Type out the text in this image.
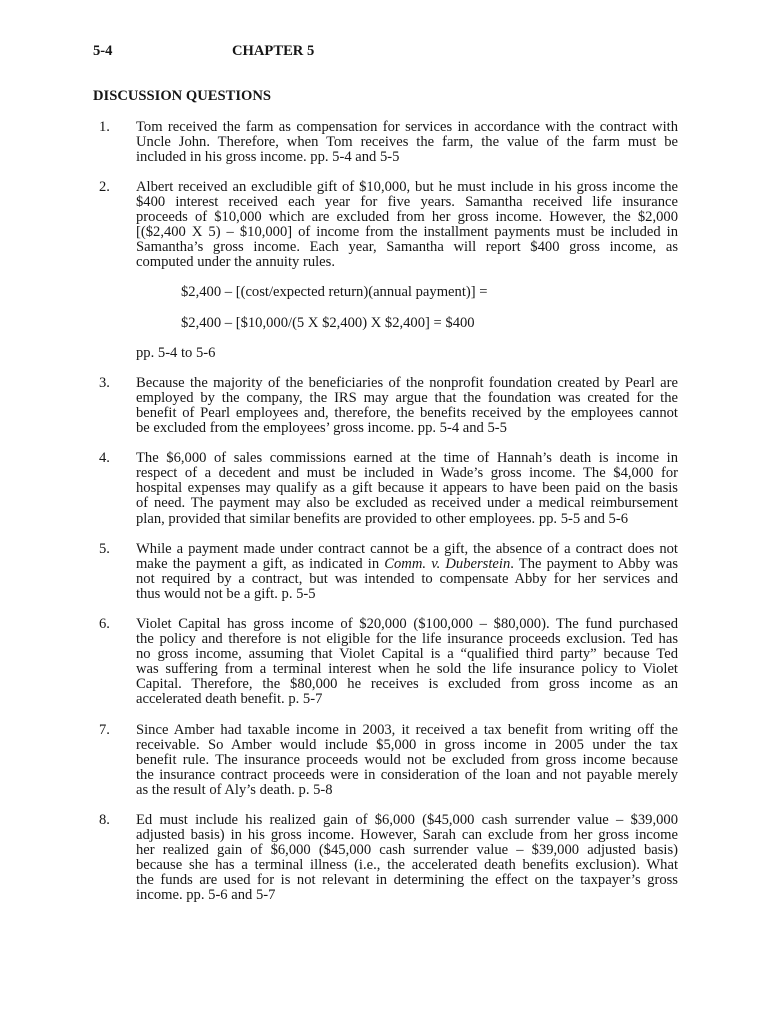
5-4	CHAPTER 5
DISCUSSION QUESTIONS
1. Tom received the farm as compensation for services in accordance with the contract with
Uncle John. Therefore, when Tom receives the farm, the value of the farm must be
included in his gross income. pp. 5-4 and 5-5
2. Albert received an excludible gift of $10,000, but he must include in his gross income the
$400 interest received each year for five years. Samantha received life insurance
proceeds of $10,000 which are excluded from her gross income. However, the $2,000
[($2,400 X 5) – $10,000] of income from the installment payments must be included in
Samantha’s gross income. Each year, Samantha will report $400 gross income, as
computed under the annuity rules.
$2,400 – [(cost/expected return)(annual payment)] =
$2,400 – [$10,000/(5 X $2,400) X $2,400] = $400
pp. 5-4 to 5-6
3. Because the majority of the beneficiaries of the nonprofit foundation created by Pearl are
employed by the company, the IRS may argue that the foundation was created for the
benefit of Pearl employees and, therefore, the benefits received by the employees cannot
be excluded from the employees’ gross income. pp. 5-4 and 5-5
4. The $6,000 of sales commissions earned at the time of Hannah’s death is income in
respect of a decedent and must be included in Wade’s gross income. The $4,000 for
hospital expenses may qualify as a gift because it appears to have been paid on the basis
of need. The payment may also be excluded as received under a medical reimbursement
plan, provided that similar benefits are provided to other employees. pp. 5-5 and 5-6
5. While a payment made under contract cannot be a gift, the absence of a contract does not
make the payment a gift, as indicated in Comm. v. Duberstein. The payment to Abby was
not required by a contract, but was intended to compensate Abby for her services and
thus would not be a gift. p. 5-5
6. Violet Capital has gross income of $20,000 ($100,000 – $80,000). The fund purchased
the policy and therefore is not eligible for the life insurance proceeds exclusion. Ted has
no gross income, assuming that Violet Capital is a “qualified third party” because Ted
was suffering from a terminal interest when he sold the life insurance policy to Violet
Capital. Therefore, the $80,000 he receives is excluded from gross income as an
accelerated death benefit. p. 5-7
7. Since Amber had taxable income in 2003, it received a tax benefit from writing off the
receivable. So Amber would include $5,000 in gross income in 2005 under the tax
benefit rule. The insurance proceeds would not be excluded from gross income because
the insurance contract proceeds were in consideration of the loan and not payable merely
as the result of Aly’s death. p. 5-8
8. Ed must include his realized gain of $6,000 ($45,000 cash surrender value – $39,000
adjusted basis) in his gross income. However, Sarah can exclude from her gross income
her realized gain of $6,000 ($45,000 cash surrender value – $39,000 adjusted basis)
because she has a terminal illness (i.e., the accelerated death benefits exclusion). What
the funds are used for is not relevant in determining the effect on the taxpayer’s gross
income. pp. 5-6 and 5-7
